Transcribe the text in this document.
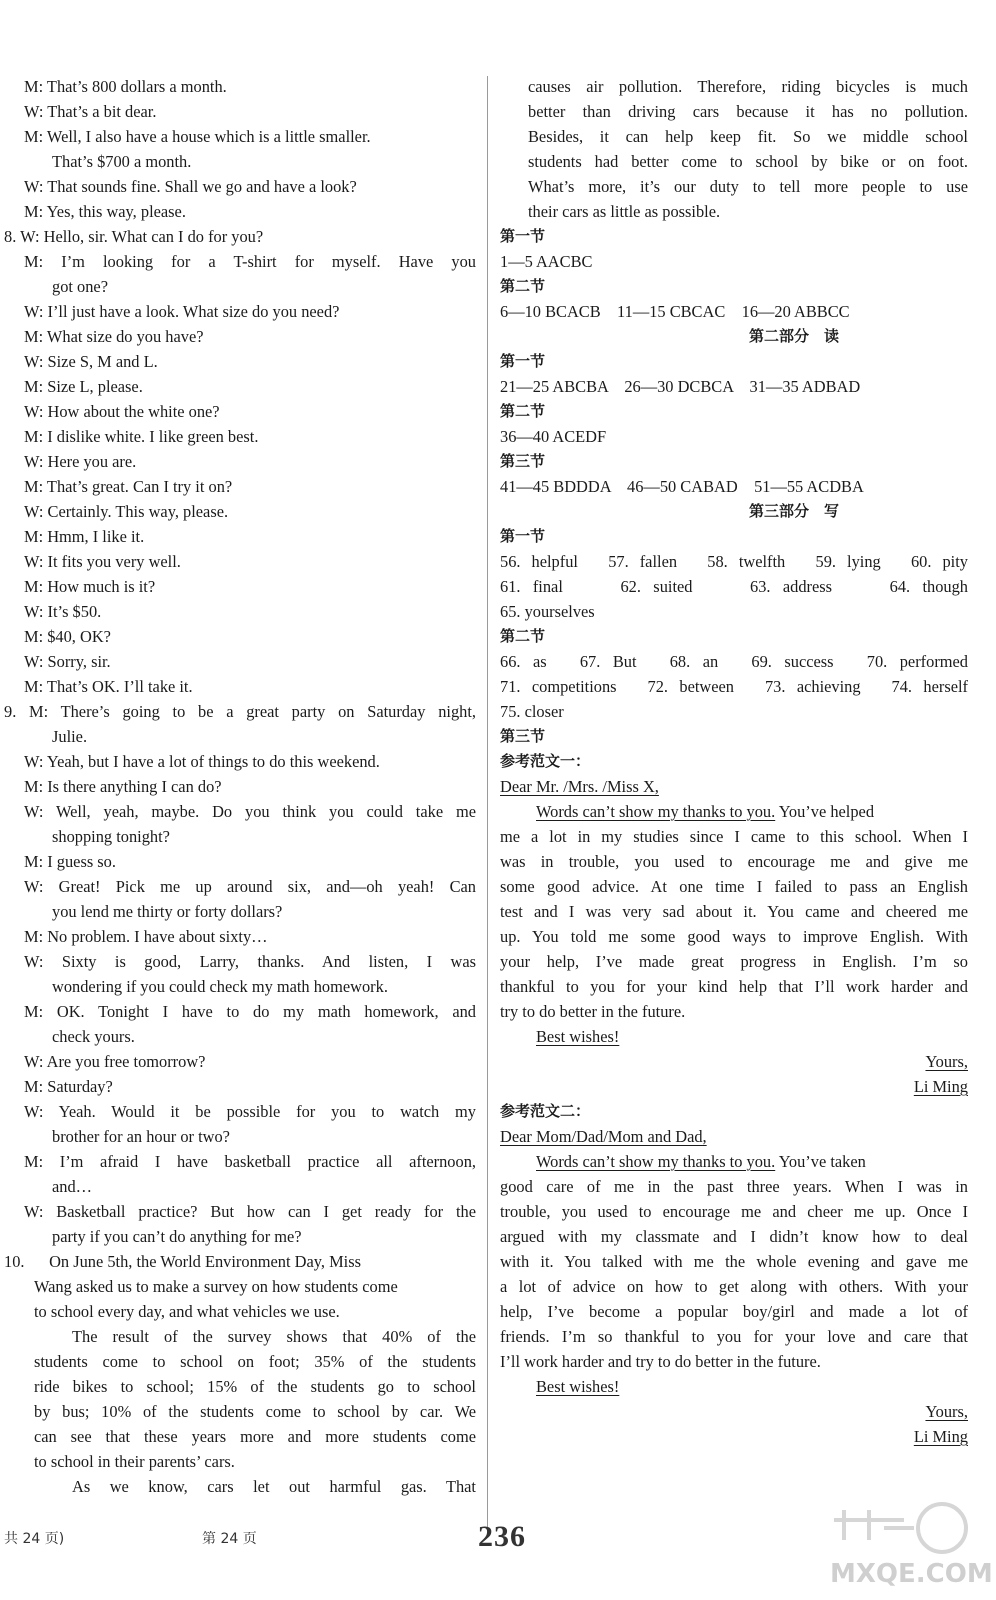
M: That’s 800 dollars a month.
W: That’s a bit dear.
M: Well, I also have a house which is a little smaller.
That’s $700 a month.
W: That sounds fine. Shall we go and have a look?
M: Yes, this way, please.
8. W: Hello, sir. What can I do for you?
M: I’m looking for a T-shirt for myself. Have you
got one?
W: I’ll just have a look. What size do you need?
M: What size do you have?
W: Size S, M and L.
M: Size L, please.
W: How about the white one?
M: I dislike white. I like green best.
W: Here you are.
M: That’s great. Can I try it on?
W: Certainly. This way, please.
M: Hmm, I like it.
W: It fits you very well.
M: How much is it?
W: It’s $50.
M: $40, OK?
W: Sorry, sir.
M: That’s OK. I’ll take it.
9. M: There’s going to be a great party on Saturday night,
Julie.
W: Yeah, but I have a lot of things to do this weekend.
M: Is there anything I can do?
W: Well, yeah, maybe. Do you think you could take me
shopping tonight?
M: I guess so.
W: Great! Pick me up around six, and—oh yeah! Can
you lend me thirty or forty dollars?
M: No problem. I have about sixty…
W: Sixty is good, Larry, thanks. And listen, I was
wondering if you could check my math homework.
M: OK. Tonight I have to do my math homework, and
check yours.
W: Are you free tomorrow?
M: Saturday?
W: Yeah. Would it be possible for you to watch my
brother for an hour or two?
M: I’m afraid I have basketball practice all afternoon,
and…
W: Basketball practice? But how can I get ready for the
party if you can’t do anything for me?
10.      On June 5th, the World Environment Day, Miss
Wang asked us to make a survey on how students come
to school every day, and what vehicles we use.
The result of the survey shows that 40% of the
students come to school on foot; 35% of the students
ride bikes to school; 15% of the students go to school
by bus; 10% of the students come to school by car. We
can see that these years more and more students come
to school in their parents’ cars.
As we know, cars let out harmful gas. That
causes air pollution. Therefore, riding bicycles is much
better than driving cars because it has no pollution.
Besides, it can help keep fit. So we middle school
students had better come to school by bike or on foot.
What’s more, it’s our duty to tell more people to use
their cars as little as possible.
第一节
1—5 AACBC
第二节
6—10 BCACB　11—15 CBCAC　16—20 ABBCC
第二部分　读
第一节
21—25 ABCBA　26—30 DCBCA　31—35 ADBAD
第二节
36—40 ACEDF
第三节
41—45 BDDDA　46—50 CABAD　51—55 ACDBA
第三部分　写
第一节
56. helpful　57. fallen　58. twelfth　59. lying　60. pity
61. final　　62. suited　　63. address　　64. though
65. yourselves
第二节
66. as　67. But　68. an　69. success　70. performed
71. competitions　72. between　73. achieving　74. herself
75. closer
第三节
参考范文一：
Dear Mr. /Mrs. /Miss X,
Words can’t show my thanks to you. You’ve helped
me a lot in my studies since I came to this school. When I
was in trouble, you used to encourage me and give me
some good advice. At one time I failed to pass an English
test and I was very sad about it. You came and cheered me
up. You told me some good ways to improve English. With
your help, I’ve made great progress in English. I’m so
thankful to you for your kind help that I’ll work harder and
try to do better in the future.
Best wishes!
Yours,
Li Ming
参考范文二：
Dear Mom/Dad/Mom and Dad,
Words can’t show my thanks to you. You’ve taken
good care of me in the past three years. When I was in
trouble, you used to encourage me and cheer me up. Once I
argued with my classmate and I didn’t know how to deal
with it. You talked with me the whole evening and gave me
a lot of advice on how to get along with others. With your
help, I’ve become a popular boy/girl and made a lot of
friends. I’m so thankful to you for your love and care that
I’ll work harder and try to do better in the future.
Best wishes!
Yours,
Li Ming
共 24 页)	第 24 页	236
MXQE.COM
